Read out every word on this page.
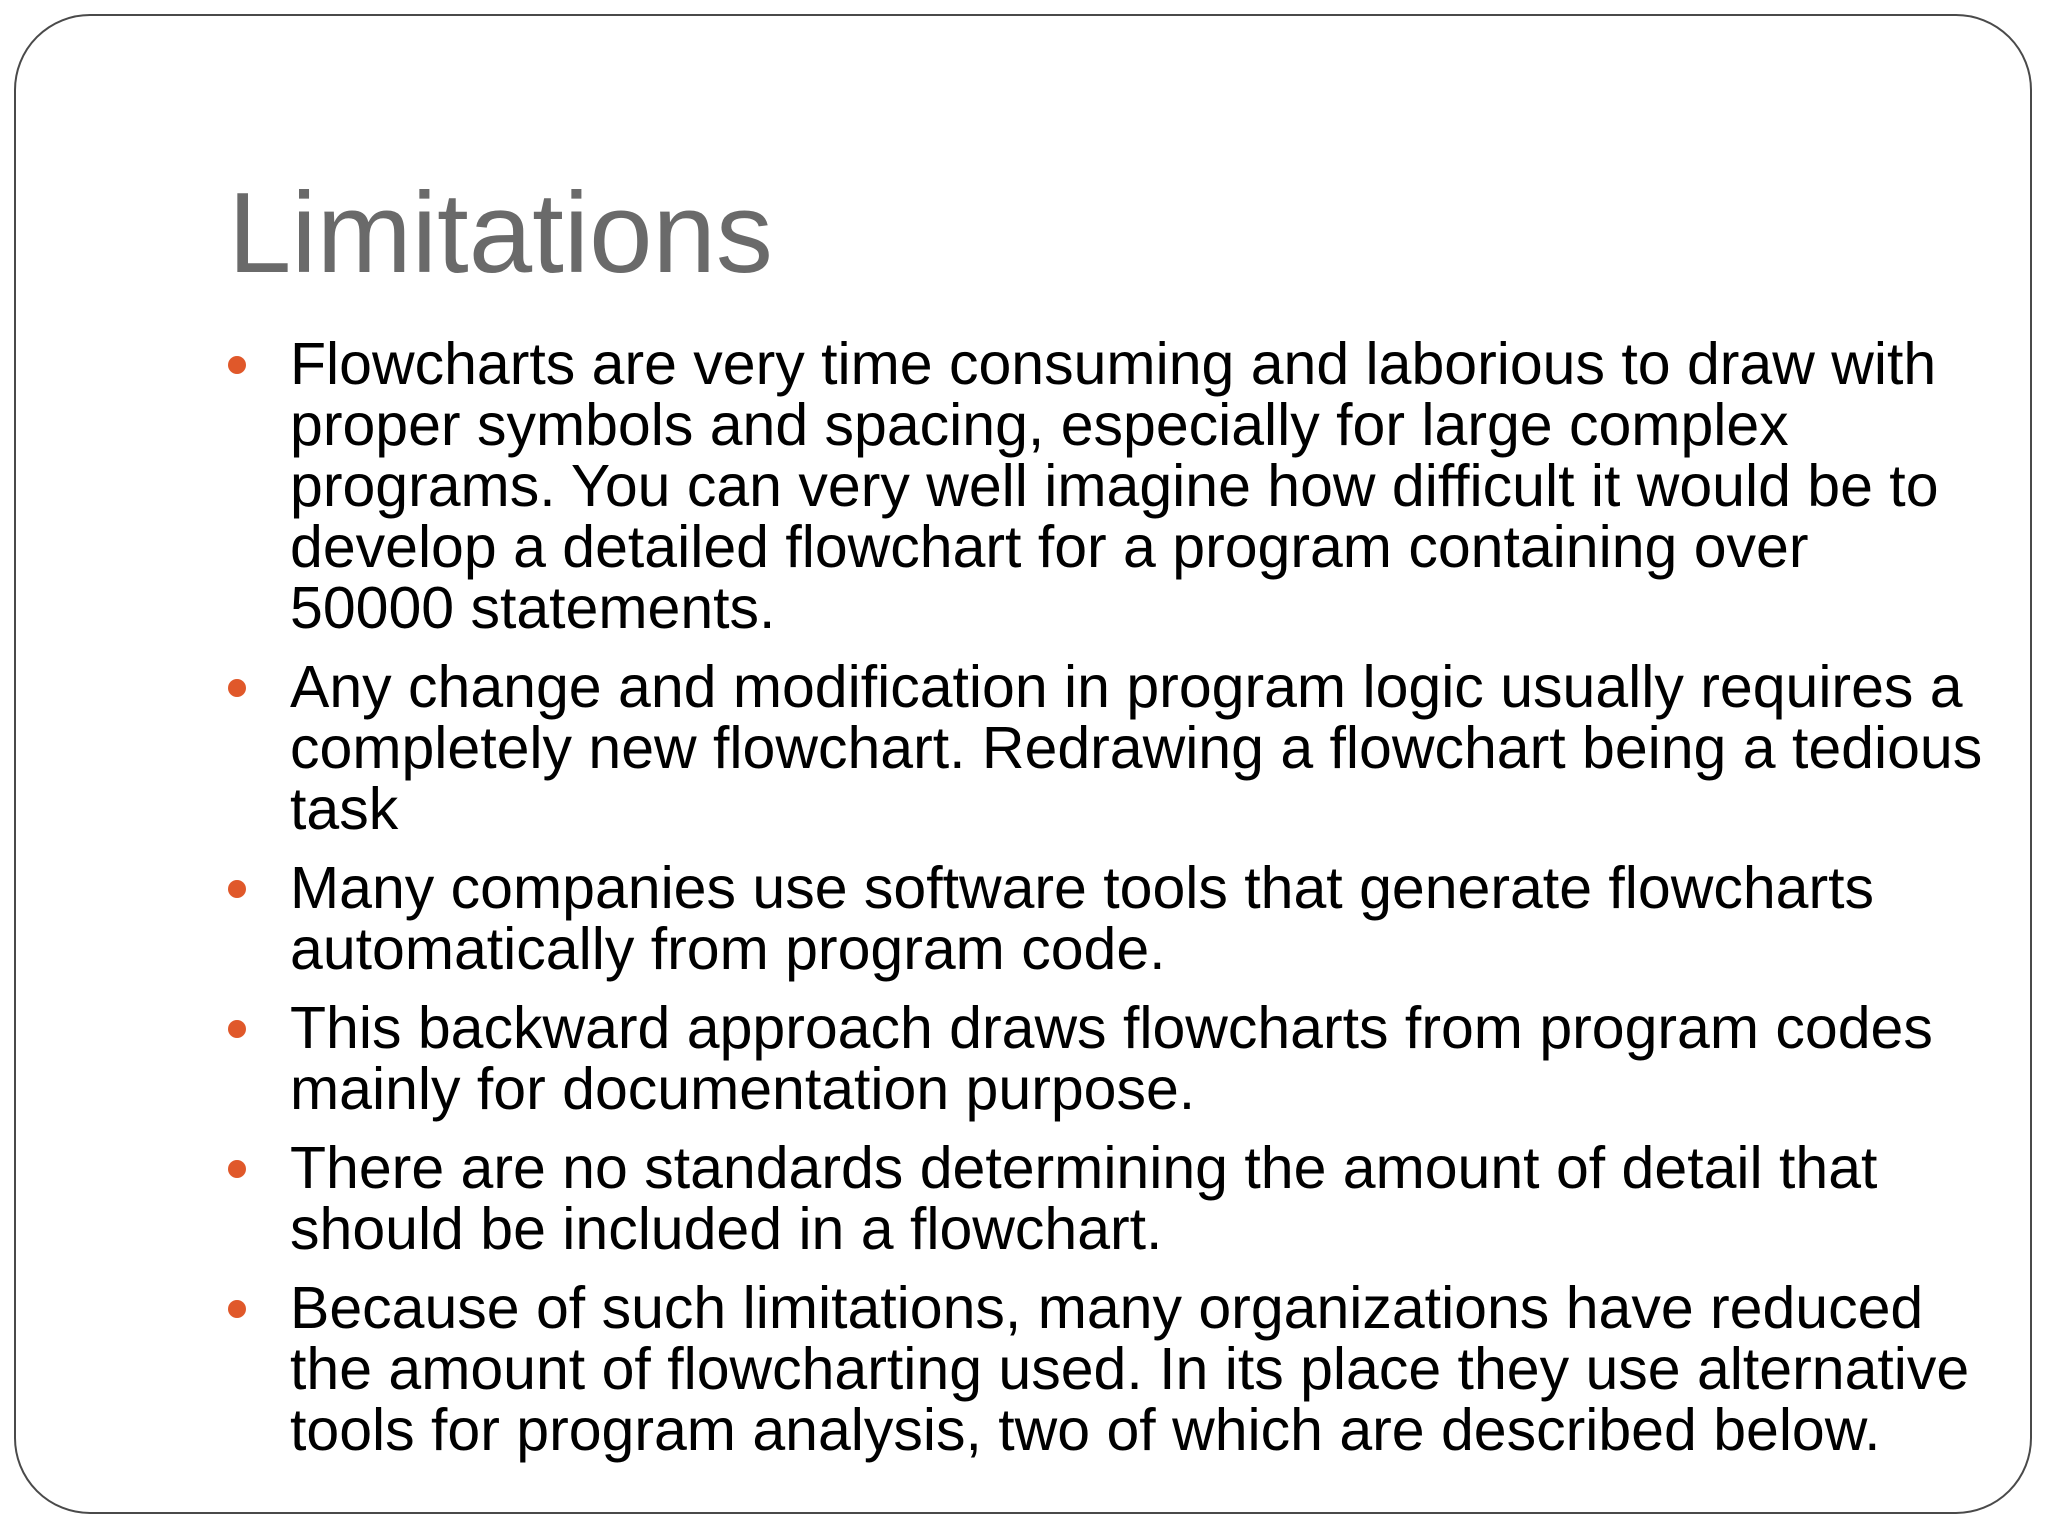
Limitations
Flowcharts are very time consuming and laborious to draw with proper symbols and spacing, especially for large complex programs. You can very well imagine how difficult it would be to develop a detailed flowchart for a program containing over 50000 statements.
Any change and modification in program logic usually requires a completely new flowchart. Redrawing a flowchart being a tedious task
Many companies use software tools that generate flowcharts automatically from program code.
This backward approach draws flowcharts from program codes mainly for documentation purpose.
There are no standards determining the amount of detail that should be included in a flowchart.
Because of such limitations, many organizations have reduced the amount of flowcharting used. In its place they use alternative tools for program analysis, two of which are described below.
